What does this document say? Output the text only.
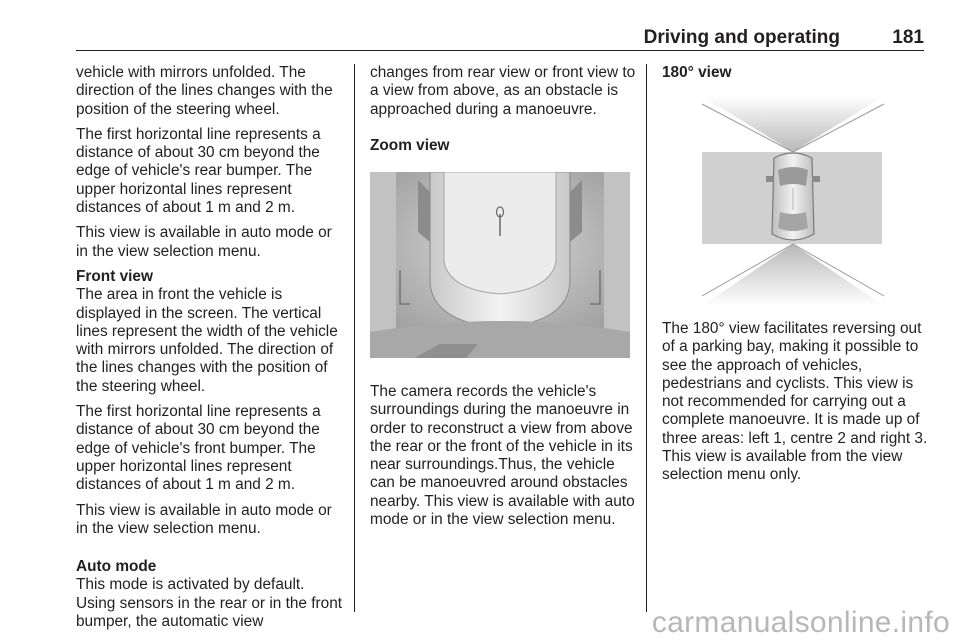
Driving and operating	181

vehicle with mirrors unfolded. The direction of the lines changes with the position of the steering wheel.

The first horizontal line represents a distance of about 30 cm beyond the edge of vehicle's rear bumper. The upper horizontal lines represent distances of about 1 m and 2 m.

This view is available in auto mode or in the view selection menu.

Front view

The area in front the vehicle is displayed in the screen. The vertical lines represent the width of the vehicle with mirrors unfolded. The direction of the lines changes with the position of the steering wheel.

The first horizontal line represents a distance of about 30 cm beyond the edge of vehicle's front bumper. The upper horizontal lines represent distances of about 1 m and 2 m.

This view is available in auto mode or in the view selection menu.

Auto mode

This mode is activated by default. Using sensors in the rear or in the front bumper, the automatic view

changes from rear view or front view to a view from above, as an obstacle is approached during a manoeuvre.

Zoom view

The camera records the vehicle's surroundings during the manoeuvre in order to reconstruct a view from above the rear or the front of the vehicle in its near surroundings.Thus, the vehicle can be manoeuvred around obstacles nearby. This view is available with auto mode or in the view selection menu.

180° view

The 180° view facilitates reversing out of a parking bay, making it possible to see the approach of vehicles, pedestrians and cyclists. This view is not recommended for carrying out a complete manoeuvre. It is made up of three areas: left 1, centre 2 and right 3. This view is available from the view selection menu only.

carmanualsonline.info
